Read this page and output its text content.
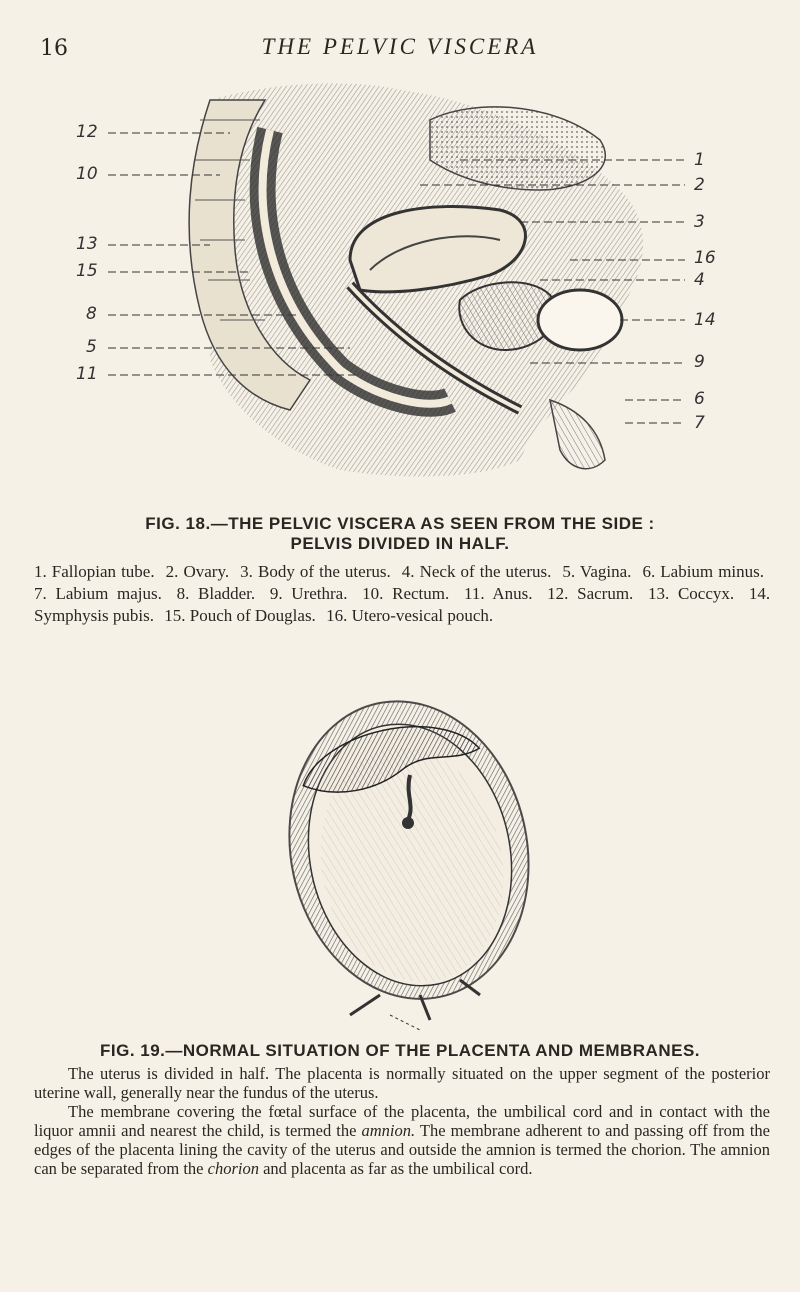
16	THE PELVIC VISCERA
12
10
13
15
8
5
11
1
2
3
16
4
14
9
6
7
FIG. 18.—THE PELVIC VISCERA AS SEEN FROM THE SIDE :
PELVIS DIVIDED IN HALF.
1. Fallopian tube. 2. Ovary. 3. Body of the uterus. 4. Neck of the uterus. 5. Vagina. 6. Labium minus. 7. Labium majus. 8. Bladder. 9. Urethra. 10. Rectum. 11. Anus. 12. Sacrum. 13. Coccyx. 14. Symphysis pubis. 15. Pouch of Douglas. 16. Utero-vesical pouch.
FIG. 19.—NORMAL SITUATION OF THE PLACENTA AND MEMBRANES.

The uterus is divided in half. The placenta is normally situated on the upper segment of the posterior uterine wall, generally near the fundus of the uterus.

The membrane covering the fœtal surface of the placenta, the umbilical cord and in contact with the liquor amnii and nearest the child, is termed the amnion. The membrane adherent to and passing off from the edges of the placenta lining the cavity of the uterus and outside the amnion is termed the chorion. The amnion can be separated from the chorion and placenta as far as the umbilical cord.
